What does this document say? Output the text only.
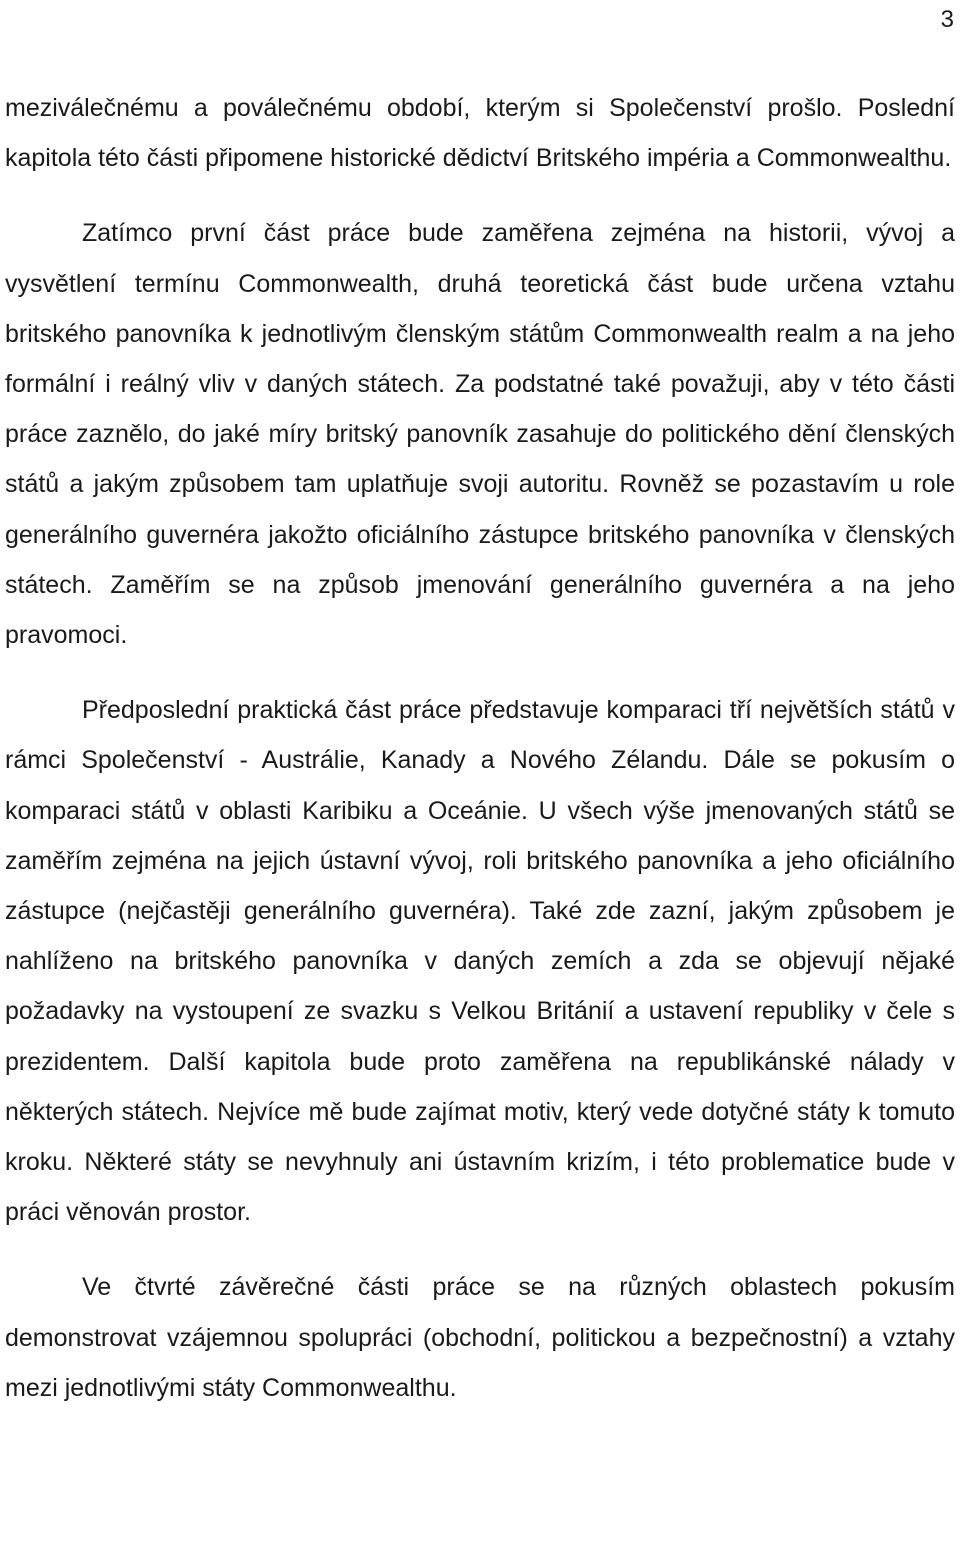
3

meziválečnému a poválečnému období, kterým si Společenství prošlo. Poslední kapitola této části připomene historické dědictví Britského impéria a Commonwealthu.

Zatímco první část práce bude zaměřena zejména na historii, vývoj a vysvětlení termínu Commonwealth, druhá teoretická část bude určena vztahu britského panovníka k jednotlivým členským státům Commonwealth realm a na jeho formální i reálný vliv v daných státech. Za podstatné také považuji, aby v této části práce zaznělo, do jaké míry britský panovník zasahuje do politického dění členských států a jakým způsobem tam uplatňuje svoji autoritu. Rovněž se pozastavím u role generálního guvernéra jakožto oficiálního zástupce britského panovníka v členských státech. Zaměřím se na způsob jmenování generálního guvernéra a na jeho pravomoci.

Předposlední praktická část práce představuje komparaci tří největších států v rámci Společenství - Austrálie, Kanady a Nového Zélandu. Dále se pokusím o komparaci států v oblasti Karibiku a Oceánie. U všech výše jmenovaných států se zaměřím zejména na jejich ústavní vývoj, roli britského panovníka a jeho oficiálního zástupce (nejčastěji generálního guvernéra). Také zde zazní, jakým způsobem je nahlíženo na britského panovníka v daných zemích a zda se objevují nějaké požadavky na vystoupení ze svazku s Velkou Británií a ustavení republiky v čele s prezidentem. Další kapitola bude proto zaměřena na republikánské nálady v některých státech. Nejvíce mě bude zajímat motiv, který vede dotyčné státy k tomuto kroku. Některé státy se nevyhnuly ani ústavním krizím, i této problematice bude v práci věnován prostor.

Ve čtvrté závěrečné části práce se na různých oblastech pokusím demonstrovat vzájemnou spolupráci (obchodní, politickou a bezpečnostní) a vztahy mezi jednotlivými státy Commonwealthu.
